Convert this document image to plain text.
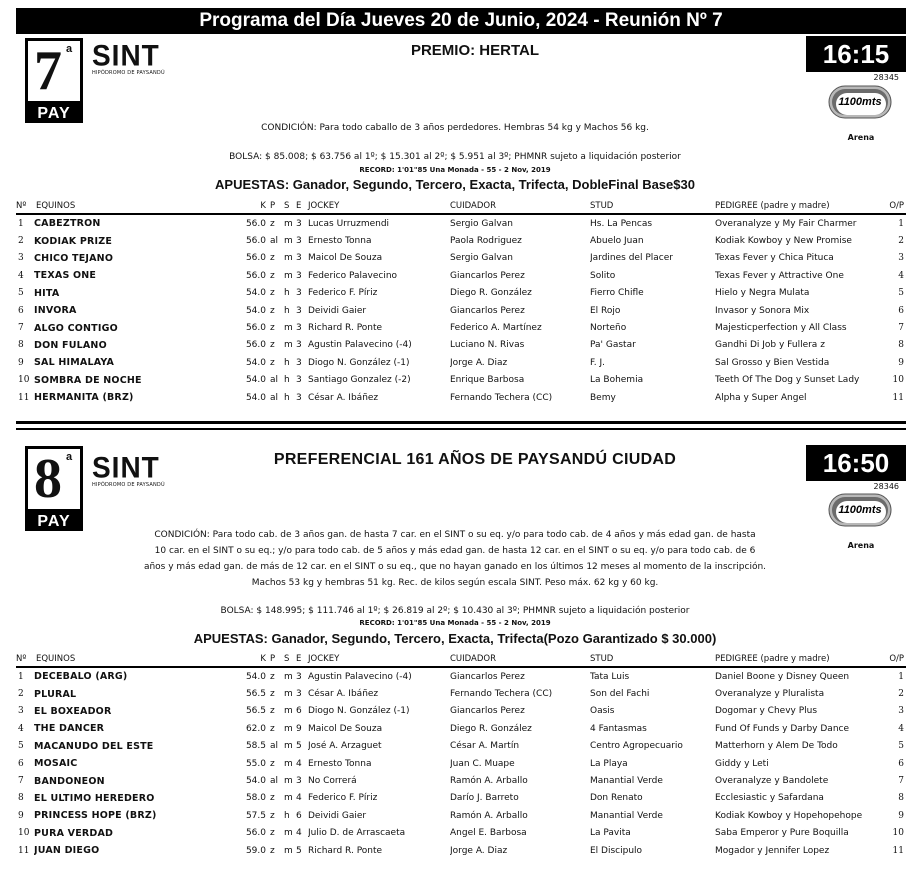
Programa del Día Jueves 20 de Junio, 2024 - Reunión Nº 7
7 a
PAY
SINT
HIPÓDROMO DE PAYSANDÚ
PREMIO: HERTAL	16:15
28345
1100mts
Arena
CONDICIÓN: Para todo caballo de 3 años perdedores. Hembras 54 kg y Machos 56 kg.
BOLSA: $ 85.008; $ 63.756 al 1º; $ 15.301 al 2º; $ 5.951 al 3º; PHMNR sujeto a liquidación posterior
RECORD: 1'01"85 Una Monada - 55 - 2 Nov, 2019
APUESTAS: Ganador, Segundo, Tercero, Exacta, Trifecta, DobleFinal Base$30
Nº	EQUINOS	K	P	S	E	JOCKEY	CUIDADOR	STUD	PEDIGREE (padre y madre)	O/P
1	CABEZTRON	56.0	z	m	3	Lucas Urruzmendi	Sergio Galvan	Hs. La Pencas	Overanalyze y My Fair Charmer	1
2	KODIAK PRIZE	56.0	al	m	3	Ernesto Tonna	Paola Rodriguez	Abuelo Juan	Kodiak Kowboy y New Promise	2
3	CHICO TEJANO	56.0	z	m	3	Maicol De Souza	Sergio Galvan	Jardines del Placer	Texas Fever y Chica Pituca	3
4	TEXAS ONE	56.0	z	m	3	Federico Palavecino	Giancarlos Perez	Solito	Texas Fever y Attractive One	4
5	HITA	54.0	z	h	3	Federico F. Píriz	Diego R. González	Fierro Chifle	Hielo y Negra Mulata	5
6	INVORA	54.0	z	h	3	Deividi Gaier	Giancarlos Perez	El Rojo	Invasor y Sonora Mix	6
7	ALGO CONTIGO	56.0	z	m	3	Richard R. Ponte	Federico A. Martínez	Norteño	Majesticperfection y All Class	7
8	DON FULANO	56.0	z	m	3	Agustin Palavecino (-4)	Luciano N. Rivas	Pa' Gastar	Gandhi Di Job y Fullera z	8
9	SAL HIMALAYA	54.0	z	h	3	Diogo N. González (-1)	Jorge A. Diaz	F. J.	Sal Grosso y Bien Vestida	9
10	SOMBRA DE NOCHE	54.0	al	h	3	Santiago Gonzalez (-2)	Enrique Barbosa	La Bohemia	Teeth Of The Dog y Sunset Lady	10
11	HERMANITA (BRZ)	54.0	al	h	3	César A. Ibáñez	Fernando Techera (CC)	Bemy	Alpha y Super Angel	11
8 a
PAY
SINT
HIPÓDROMO DE PAYSANDÚ
PREFERENCIAL 161 AÑOS DE PAYSANDÚ CIUDAD	16:50
28346
1100mts
Arena
CONDICIÓN: Para todo cab. de 3 años gan. de hasta 7 car. en el SINT o su eq. y/o para todo cab. de 4 años y más edad gan. de hasta
10 car. en el SINT o su eq.; y/o para todo cab. de 5 años y más edad gan. de hasta 12 car. en el SINT o su eq. y/o para todo cab. de 6
años y más edad gan. de más de 12 car. en el SINT o su eq., que no hayan ganado en los últimos 12 meses al momento de la inscripción.
Machos 53 kg y hembras 51 kg. Rec. de kilos según escala SINT. Peso máx. 62 kg y 60 kg.
BOLSA: $ 148.995; $ 111.746 al 1º; $ 26.819 al 2º; $ 10.430 al 3º; PHMNR sujeto a liquidación posterior
RECORD: 1'01"85 Una Monada - 55 - 2 Nov, 2019
APUESTAS: Ganador, Segundo, Tercero, Exacta, Trifecta(Pozo Garantizado $ 30.000)
Nº	EQUINOS	K	P	S	E	JOCKEY	CUIDADOR	STUD	PEDIGREE (padre y madre)	O/P
1	DECEBALO (ARG)	54.0	z	m	3	Agustin Palavecino (-4)	Giancarlos Perez	Tata Luis	Daniel Boone y Disney Queen	1
2	PLURAL	56.5	z	m	3	César A. Ibáñez	Fernando Techera (CC)	Son del Fachi	Overanalyze y Pluralista	2
3	EL BOXEADOR	56.5	z	m	6	Diogo N. González (-1)	Giancarlos Perez	Oasis	Dogomar y Chevy Plus	3
4	THE DANCER	62.0	z	m	9	Maicol De Souza	Diego R. González	4 Fantasmas	Fund Of Funds y Darby Dance	4
5	MACANUDO DEL ESTE	58.5	al	m	5	José A. Arzaguet	César A. Martín	Centro Agropecuario	Matterhorn y Alem De Todo	5
6	MOSAIC	55.0	z	m	4	Ernesto Tonna	Juan C. Muape	La Playa	Giddy y Leti	6
7	BANDONEON	54.0	al	m	3	No Correrá	Ramón A. Arballo	Manantial Verde	Overanalyze y Bandolete	7
8	EL ULTIMO HEREDERO	58.0	z	m	4	Federico F. Píriz	Darío J. Barreto	Don Renato	Ecclesiastic y Safardana	8
9	PRINCESS HOPE (BRZ)	57.5	z	h	6	Deividi Gaier	Ramón A. Arballo	Manantial Verde	Kodiak Kowboy y Hopehopehope	9
10	PURA VERDAD	56.0	z	m	4	Julio D. de Arrascaeta	Angel E. Barbosa	La Pavita	Saba Emperor y Pure Boquilla	10
11	JUAN DIEGO	59.0	z	m	5	Richard R. Ponte	Jorge A. Diaz	El Discipulo	Mogador y Jennifer Lopez	11
